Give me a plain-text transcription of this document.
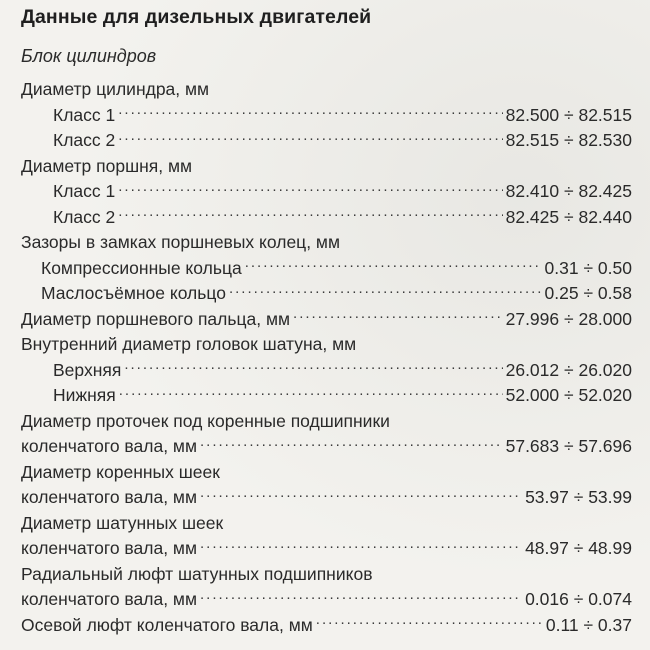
Данные для дизельных двигателей
Блок цилиндров
Диаметр цилиндра, мм
Класс 1 .....	82.500 ÷ 82.515
Класс 2 .....	82.515 ÷ 82.530
Диаметр поршня, мм
Класс 1 .....	82.410 ÷ 82.425
Класс 2 .....	82.425 ÷ 82.440
Зазоры в замках поршневых колец, мм
Компрессионные кольца .....	0.31 ÷ 0.50
Маслосъёмное кольцо .....	0.25 ÷ 0.58
Диаметр поршневого пальца, мм .....	27.996 ÷ 28.000
Внутренний диаметр головок шатуна, мм
Верхняя .....	26.012 ÷ 26.020
Нижняя .....	52.000 ÷ 52.020
Диаметр проточек под коренные подшипники
коленчатого вала, мм .....	57.683 ÷ 57.696
Диаметр коренных шеек
коленчатого вала, мм .....	53.97 ÷ 53.99
Диаметр шатунных шеек
коленчатого вала, мм .....	48.97 ÷ 48.99
Радиальный люфт шатунных подшипников
коленчатого вала, мм .....	0.016 ÷ 0.074
Осевой люфт коленчатого вала, мм .....	0.11 ÷ 0.37
